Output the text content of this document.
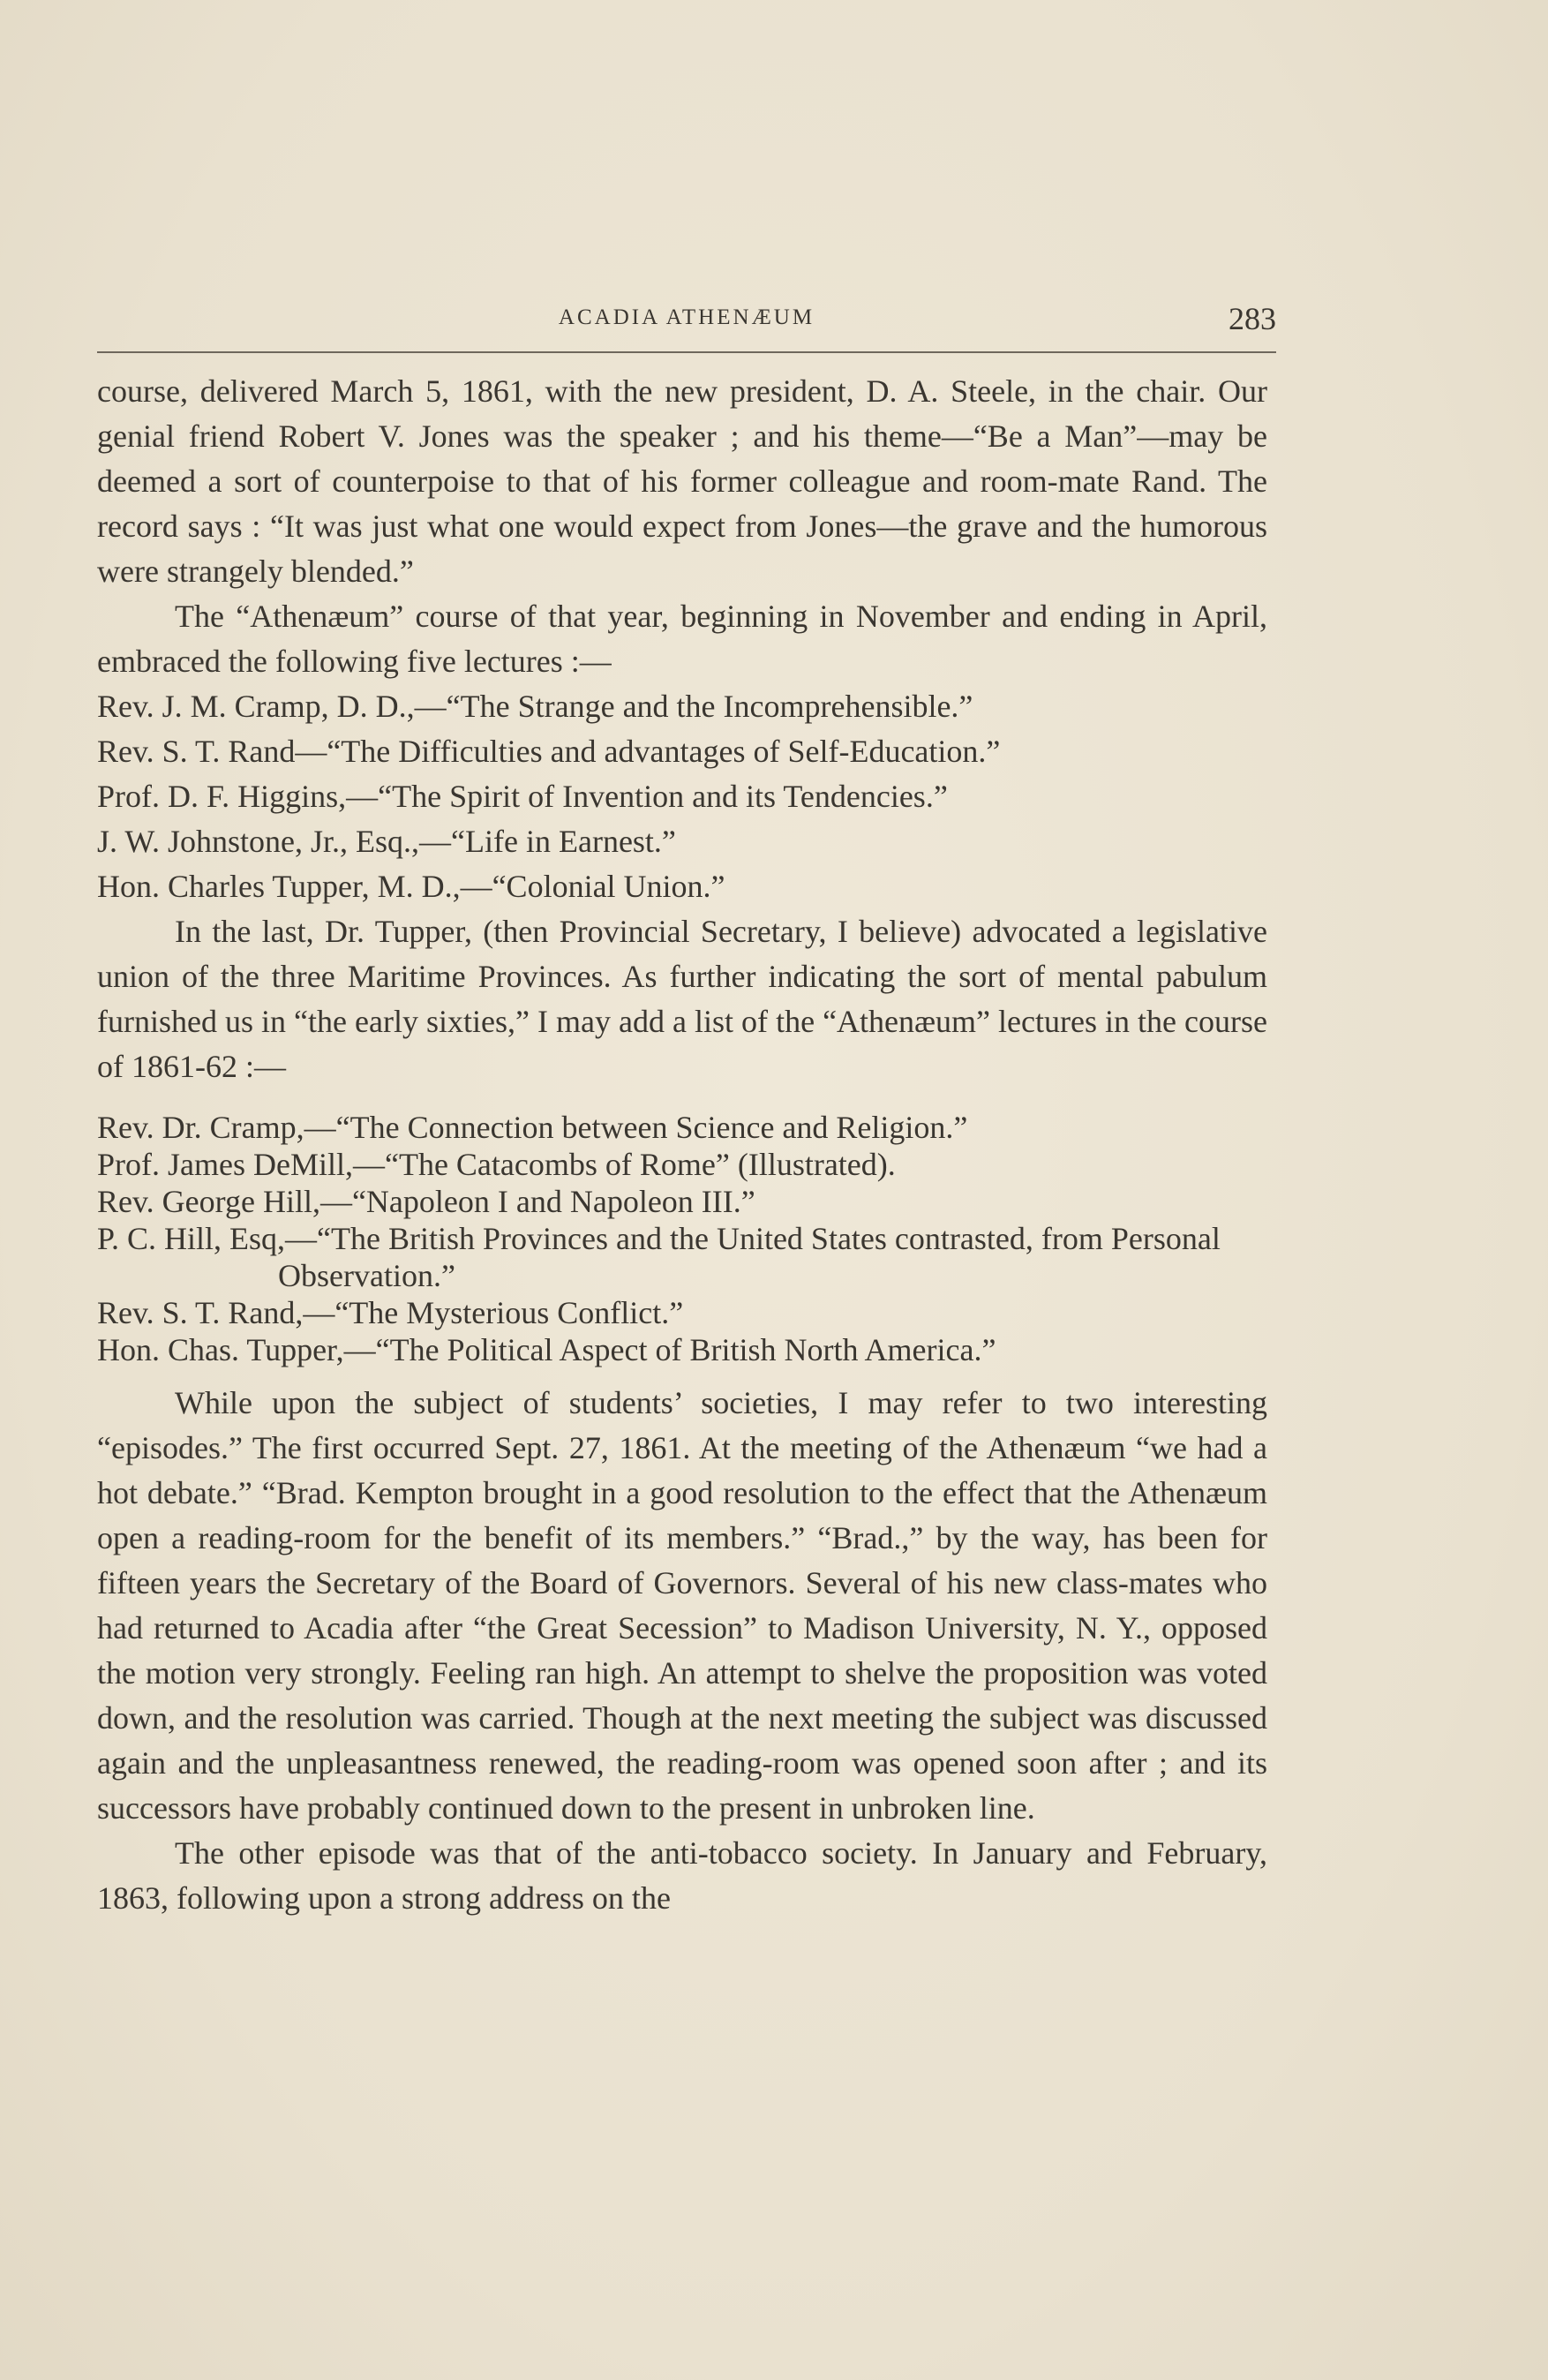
ACADIA ATHENÆUM	283

course, delivered March 5, 1861, with the new president, D. A. Steele, in the chair. Our genial friend Robert V. Jones was the speaker ; and his theme—“Be a Man”—may be deemed a sort of counterpoise to that of his former colleague and room-mate Rand. The record says : “It was just what one would expect from Jones—the grave and the humorous were strangely blended.”

The “Athenæum” course of that year, beginning in November and ending in April, embraced the following five lectures :—

Rev. J. M. Cramp, D. D.,—“The Strange and the Incomprehensible.”
Rev. S. T. Rand—“The Difficulties and advantages of Self-Education.”
Prof. D. F. Higgins,—“The Spirit of Invention and its Tendencies.”
J. W. Johnstone, Jr., Esq.,—“Life in Earnest.”
Hon. Charles Tupper, M. D.,—“Colonial Union.”

In the last, Dr. Tupper, (then Provincial Secretary, I believe) advocated a legislative union of the three Maritime Provinces. As further indicating the sort of mental pabulum furnished us in “the early sixties,” I may add a list of the “Athenæum” lectures in the course of 1861-62 :—

Rev. Dr. Cramp,—“The Connection between Science and Religion.”
Prof. James DeMill,—“The Catacombs of Rome” (Illustrated).
Rev. George Hill,—“Napoleon I and Napoleon III.”
P. C. Hill, Esq,—“The British Provinces and the United States contrasted, from Personal Observation.”
Rev. S. T. Rand,—“The Mysterious Conflict.”
Hon. Chas. Tupper,—“The Political Aspect of British North America.”

While upon the subject of students’ societies, I may refer to two interesting “episodes.” The first occurred Sept. 27, 1861. At the meeting of the Athenæum “we had a hot debate.” “Brad. Kempton brought in a good resolution to the effect that the Athenæum open a reading-room for the benefit of its members.” “Brad.,” by the way, has been for fifteen years the Secretary of the Board of Governors. Several of his new class-mates who had returned to Acadia after “the Great Secession” to Madison University, N. Y., opposed the motion very strongly. Feeling ran high. An attempt to shelve the proposition was voted down, and the resolution was carried. Though at the next meeting the subject was discussed again and the unpleasantness renewed, the reading-room was opened soon after ; and its successors have probably continued down to the present in unbroken line.

The other episode was that of the anti-tobacco society. In January and February, 1863, following upon a strong address on the
